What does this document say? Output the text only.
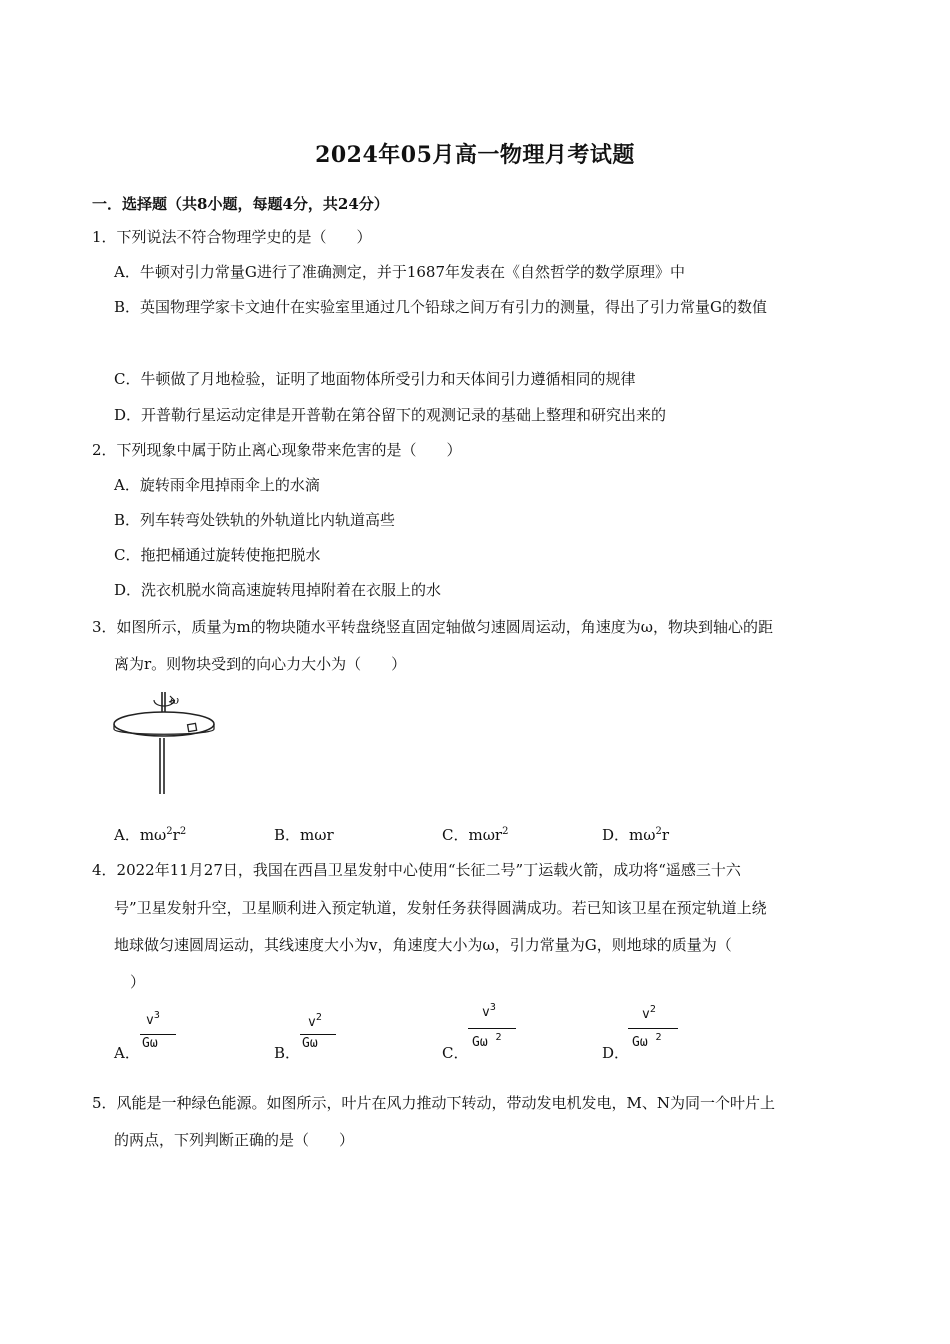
2024年05月高一物理月考试题
一．选择题（共8小题，每题4分，共24分）
1．下列说法不符合物理学史的是（　　）
A．牛顿对引力常量G进行了准确测定，并于1687年发表在《自然哲学的数学原理》中
B．英国物理学家卡文迪什在实验室里通过几个铅球之间万有引力的测量，得出了引力常量G的数值
C．牛顿做了月地检验，证明了地面物体所受引力和天体间引力遵循相同的规律
D．开普勒行星运动定律是开普勒在第谷留下的观测记录的基础上整理和研究出来的
2．下列现象中属于防止离心现象带来危害的是（　　）
A．旋转雨伞甩掉雨伞上的水滴
B．列车转弯处铁轨的外轨道比内轨道高些
C．拖把桶通过旋转使拖把脱水
D．洗衣机脱水筒高速旋转甩掉附着在衣服上的水
3．如图所示，质量为m的物块随水平转盘绕竖直固定轴做匀速圆周运动，角速度为ω，物块到轴心的距
离为r。则物块受到的向心力大小为（　　）
ω
A．$m\omega^2r^2$	B．mωr	C．mωr$^2$	D．$m\omega^2r$
4．2022年11月27日，我国在西昌卫星发射中心使用“长征二号”丁运载火箭，成功将“遥感三十六
号”卫星发射升空，卫星顺利进入预定轨道，发射任务获得圆满成功。若已知该卫星在预定轨道上绕
地球做匀速圆周运动，其线速度大小为v，角速度大小为ω，引力常量为G，则地球的质量为（
）
A．
$v^3$
Gω
B．
$v^2$
Gω
C．
$v^3$
Gω $^2$
D．
$v^2$
Gω $^2$
5．风能是一种绿色能源。如图所示，叶片在风力推动下转动，带动发电机发电，M、N为同一个叶片上
的两点，下列判断正确的是（　　）
